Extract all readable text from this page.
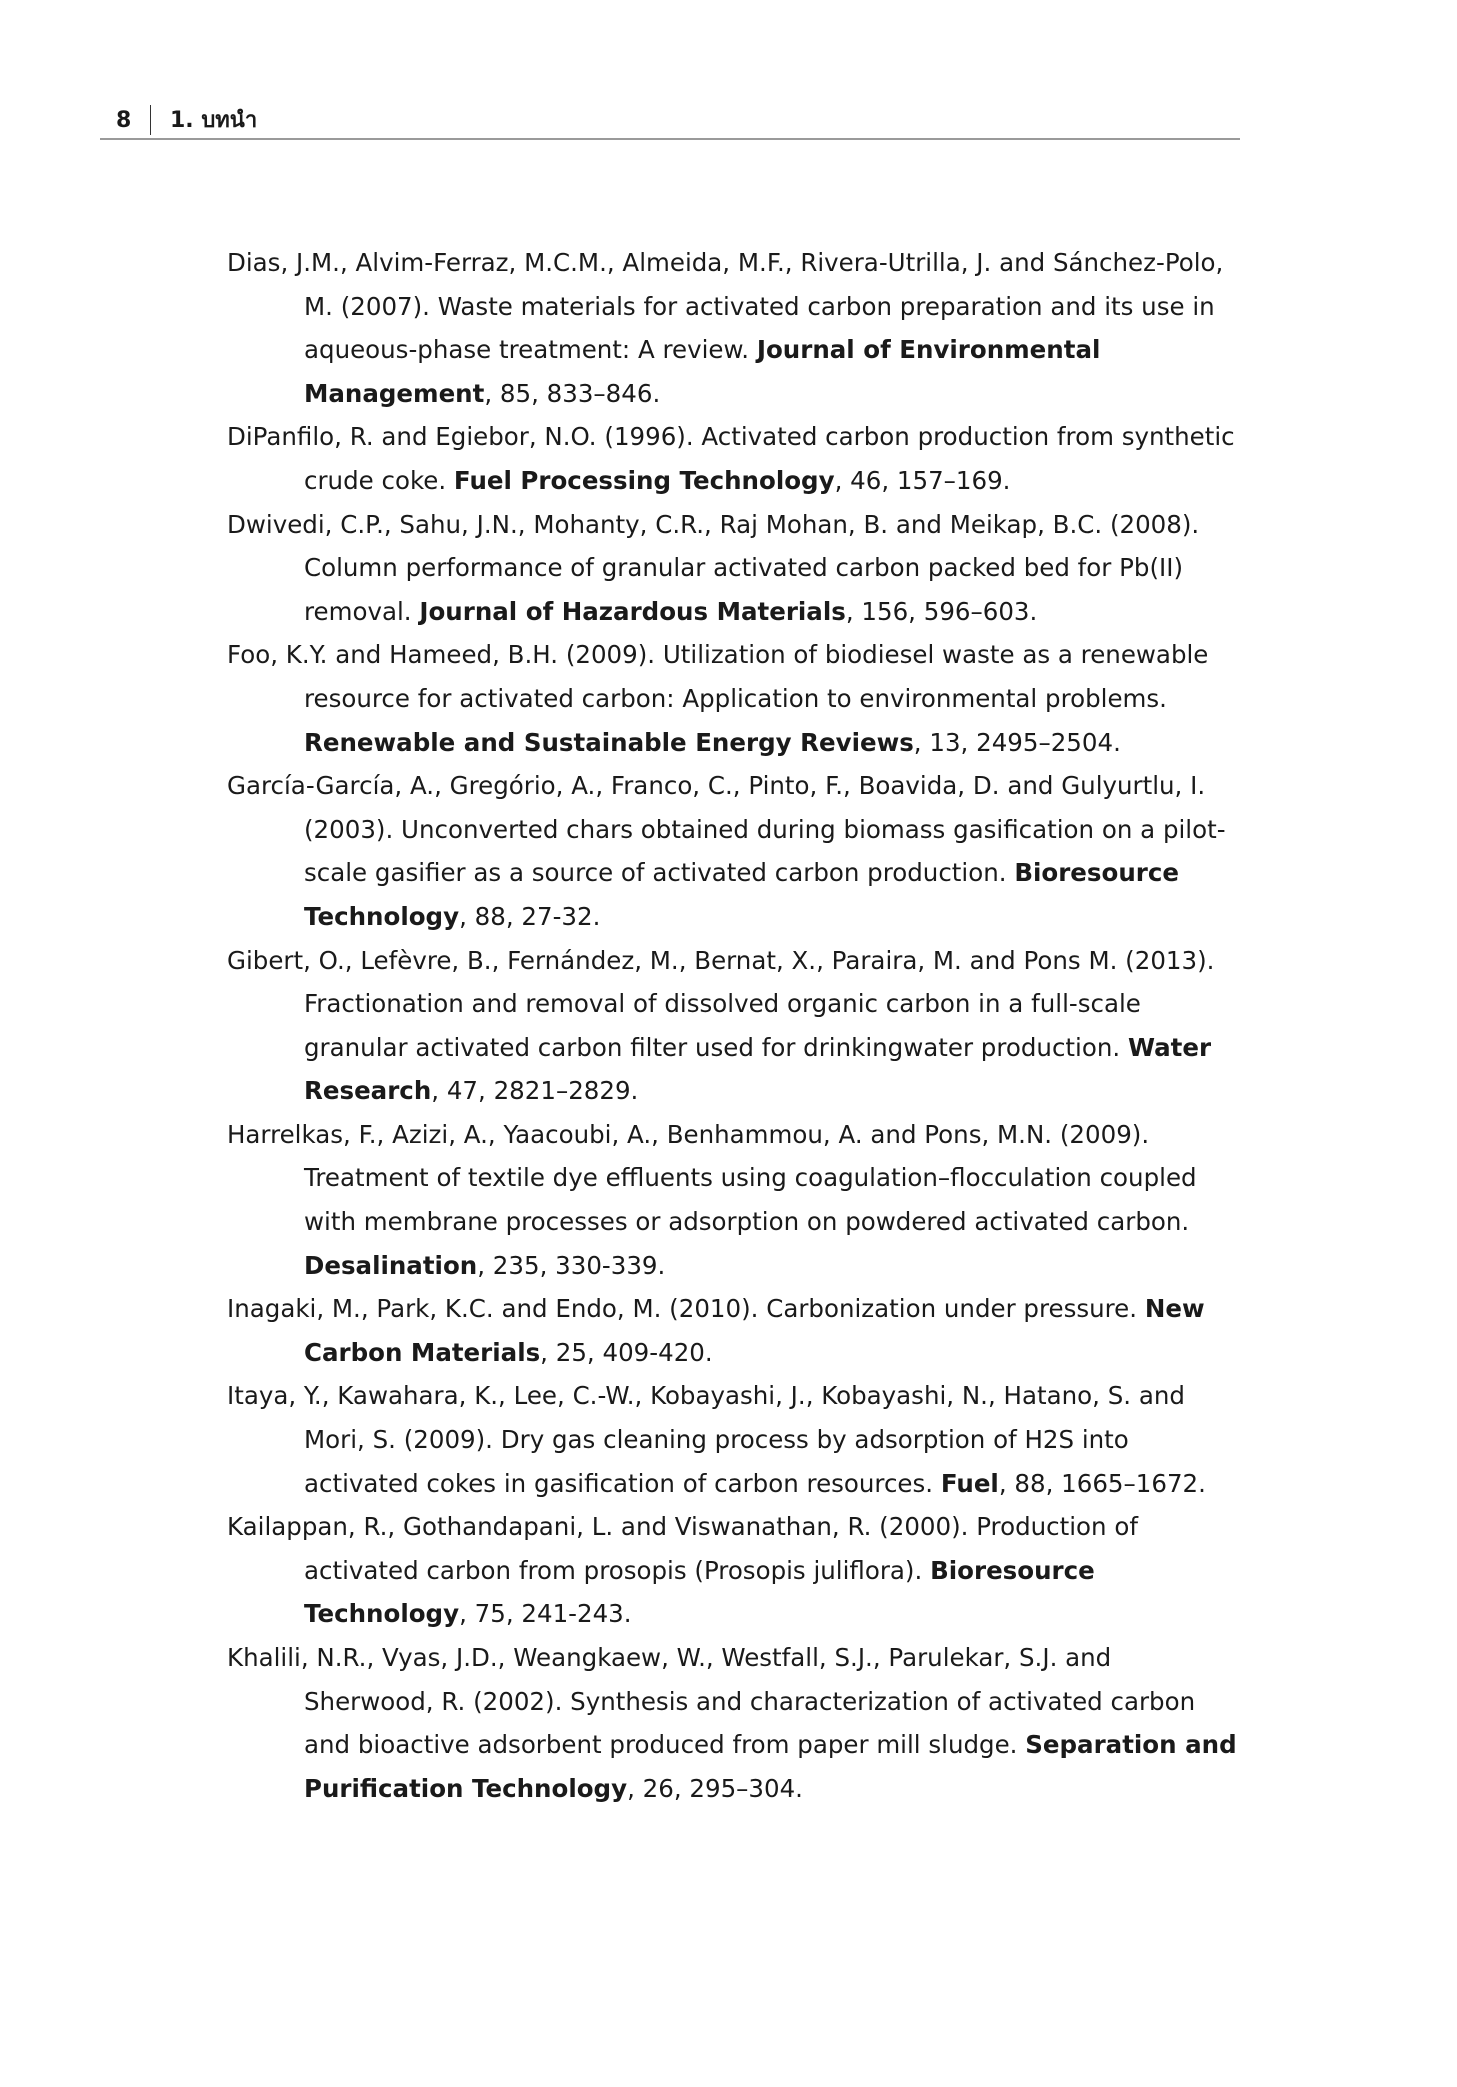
8 1. บทนำ
Dias, J.M., Alvim-Ferraz, M.C.M., Almeida, M.F., Rivera-Utrilla, J. and Sánchez-Polo, M. (2007). Waste materials for activated carbon preparation and its use in aqueous-phase treatment: A review. Journal of Environmental Management, 85, 833–846.
DiPanfilo, R. and Egiebor, N.O. (1996). Activated carbon production from synthetic crude coke. Fuel Processing Technology, 46, 157–169.
Dwivedi, C.P., Sahu, J.N., Mohanty, C.R., Raj Mohan, B. and Meikap, B.C. (2008). Column performance of granular activated carbon packed bed for Pb(II) removal. Journal of Hazardous Materials, 156, 596–603.
Foo, K.Y. and Hameed, B.H. (2009). Utilization of biodiesel waste as a renewable resource for activated carbon: Application to environmental problems. Renewable and Sustainable Energy Reviews, 13, 2495–2504.
García-García, A., Gregório, A., Franco, C., Pinto, F., Boavida, D. and Gulyurtlu, I. (2003). Unconverted chars obtained during biomass gasification on a pilot-scale gasifier as a source of activated carbon production. Bioresource Technology, 88, 27-32.
Gibert, O., Lefèvre, B., Fernández, M., Bernat, X., Paraira, M. and Pons M. (2013). Fractionation and removal of dissolved organic carbon in a full-scale granular activated carbon filter used for drinkingwater production. Water Research, 47, 2821–2829.
Harrelkas, F., Azizi, A., Yaacoubi, A., Benhammou, A. and Pons, M.N. (2009). Treatment of textile dye effluents using coagulation–flocculation coupled with membrane processes or adsorption on powdered activated carbon. Desalination, 235, 330-339.
Inagaki, M., Park, K.C. and Endo, M. (2010). Carbonization under pressure. New Carbon Materials, 25, 409-420.
Itaya, Y., Kawahara, K., Lee, C.-W., Kobayashi, J., Kobayashi, N., Hatano, S. and Mori, S. (2009). Dry gas cleaning process by adsorption of H2S into activated cokes in gasification of carbon resources. Fuel, 88, 1665–1672.
Kailappan, R., Gothandapani, L. and Viswanathan, R. (2000). Production of activated carbon from prosopis (Prosopis juliflora). Bioresource Technology, 75, 241-243.
Khalili, N.R., Vyas, J.D., Weangkaew, W., Westfall, S.J., Parulekar, S.J. and Sherwood, R. (2002). Synthesis and characterization of activated carbon and bioactive adsorbent produced from paper mill sludge. Separation and Purification Technology, 26, 295–304.
